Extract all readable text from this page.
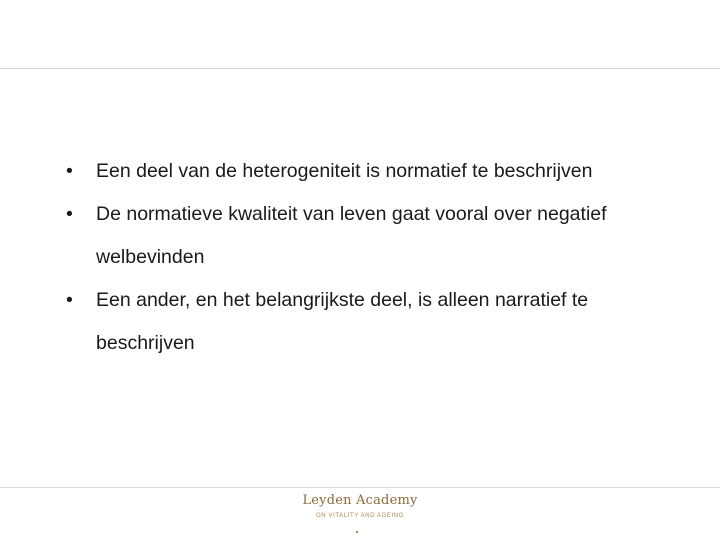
•	Een deel van de heterogeniteit is normatief te beschrijven
•	De normatieve kwaliteit van leven gaat vooral over negatief welbevinden
•	Een ander, en het belangrijkste deel, is alleen narratief te beschrijven
Leyden Academy
ON VITALITY AND AGEING
